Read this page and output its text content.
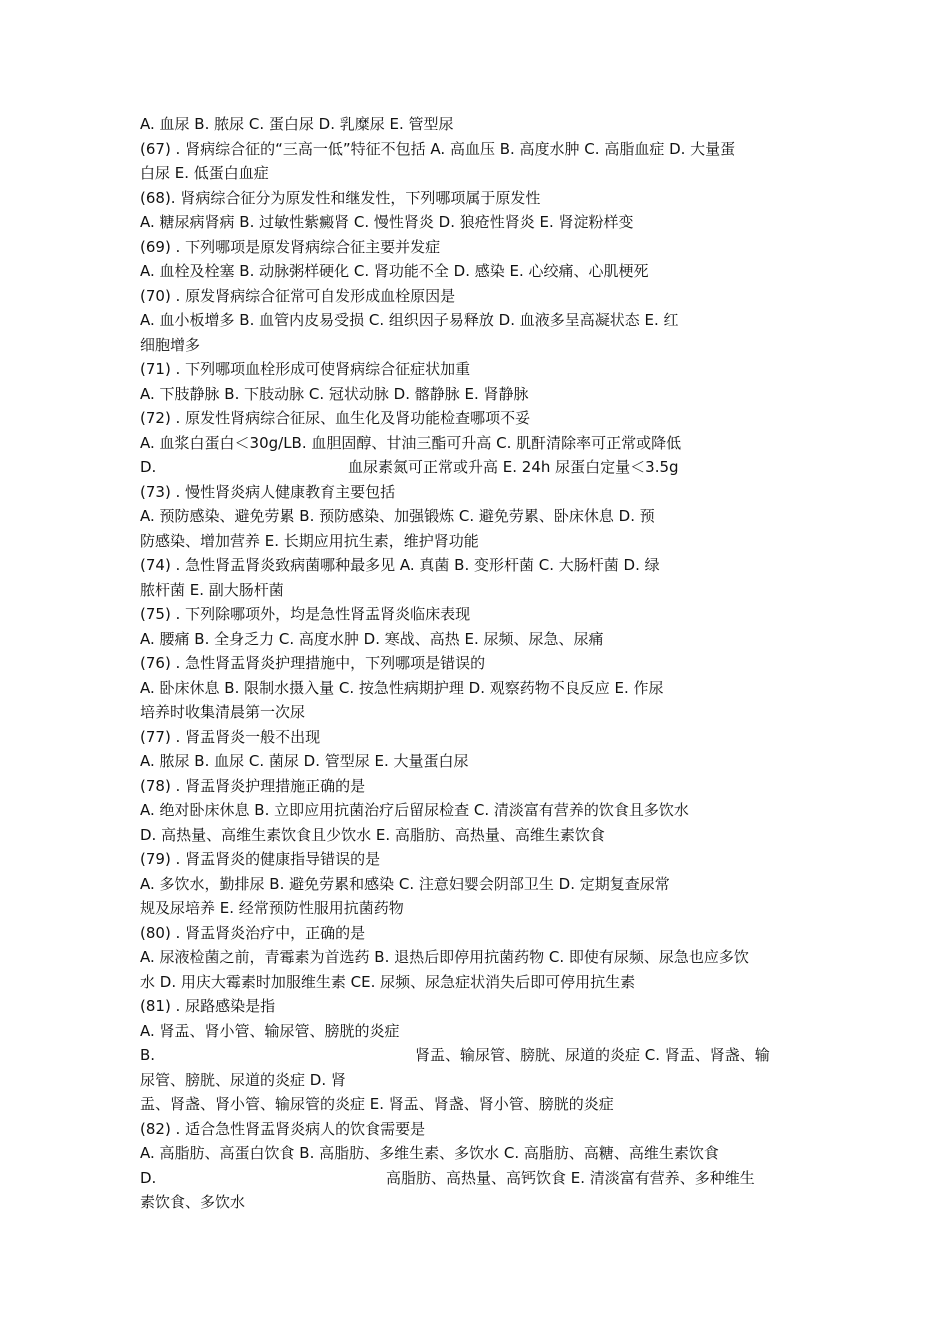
A. 血尿 B. 脓尿 C. 蛋白尿 D. 乳糜尿 E. 管型尿
(67) . 肾病综合征的“三高一低”特征不包括 A. 高血压 B. 高度水肿 C. 高脂血症 D. 大量蛋
白尿 E. 低蛋白血症
(68). 肾病综合征分为原发性和继发性，下列哪项属于原发性
A. 糖尿病肾病 B. 过敏性紫癜肾 C. 慢性肾炎 D. 狼疮性肾炎 E. 肾淀粉样变
(69) . 下列哪项是原发肾病综合征主要并发症
A. 血栓及栓塞 B. 动脉粥样硬化 C. 肾功能不全 D. 感染 E. 心绞痛、心肌梗死
(70) . 原发肾病综合征常可自发形成血栓原因是
A. 血小板增多 B. 血管内皮易受损 C. 组织因子易释放 D. 血液多呈高凝状态 E. 红
细胞增多
(71) . 下列哪项血栓形成可使肾病综合征症状加重
A. 下肢静脉 B. 下肢动脉 C. 冠状动脉 D. 髂静脉 E. 肾静脉
(72) . 原发性肾病综合征尿、血生化及肾功能检查哪项不妥
A. 血浆白蛋白＜30g/LB. 血胆固醇、甘油三酯可升高 C. 肌酐清除率可正常或降低
D.	血尿素氮可正常或升高 E. 24h 尿蛋白定量＜3.5g
(73) . 慢性肾炎病人健康教育主要包括
A. 预防感染、避免劳累 B. 预防感染、加强锻炼 C. 避免劳累、卧床休息 D. 预
防感染、增加营养 E. 长期应用抗生素，维护肾功能
(74) . 急性肾盂肾炎致病菌哪种最多见 A. 真菌 B. 变形杆菌 C. 大肠杆菌 D. 绿
脓杆菌 E. 副大肠杆菌
(75) . 下列除哪项外，均是急性肾盂肾炎临床表现
A. 腰痛 B. 全身乏力 C. 高度水肿 D. 寒战、高热 E. 尿频、尿急、尿痛
(76) . 急性肾盂肾炎护理措施中，下列哪项是错误的
A. 卧床休息 B. 限制水摄入量 C. 按急性病期护理 D. 观察药物不良反应 E. 作尿
培养时收集清晨第一次尿
(77) . 肾盂肾炎一般不出现
A. 脓尿 B. 血尿 C. 菌尿 D. 管型尿 E. 大量蛋白尿
(78) . 肾盂肾炎护理措施正确的是
A. 绝对卧床休息 B. 立即应用抗菌治疗后留尿检查 C. 清淡富有营养的饮食且多饮水
D. 高热量、高维生素饮食且少饮水 E. 高脂肪、高热量、高维生素饮食
(79) . 肾盂肾炎的健康指导错误的是
A. 多饮水，勤排尿 B. 避免劳累和感染 C. 注意妇婴会阴部卫生 D. 定期复查尿常
规及尿培养 E. 经常预防性服用抗菌药物
(80) . 肾盂肾炎治疗中，正确的是
A. 尿液检菌之前，青霉素为首选药 B. 退热后即停用抗菌药物 C. 即使有尿频、尿急也应多饮
水 D. 用庆大霉素时加服维生素 CE. 尿频、尿急症状消失后即可停用抗生素
(81) . 尿路感染是指
A. 肾盂、肾小管、输尿管、膀胱的炎症
B.	肾盂、输尿管、膀胱、尿道的炎症 C. 肾盂、肾盏、输
尿管、膀胱、尿道的炎症 D. 肾
盂、肾盏、肾小管、输尿管的炎症 E. 肾盂、肾盏、肾小管、膀胱的炎症
(82) . 适合急性肾盂肾炎病人的饮食需要是
A. 高脂肪、高蛋白饮食 B. 高脂肪、多维生素、多饮水 C. 高脂肪、高糖、高维生素饮食
D.	高脂肪、高热量、高钙饮食 E. 清淡富有营养、多种维生
素饮食、多饮水
